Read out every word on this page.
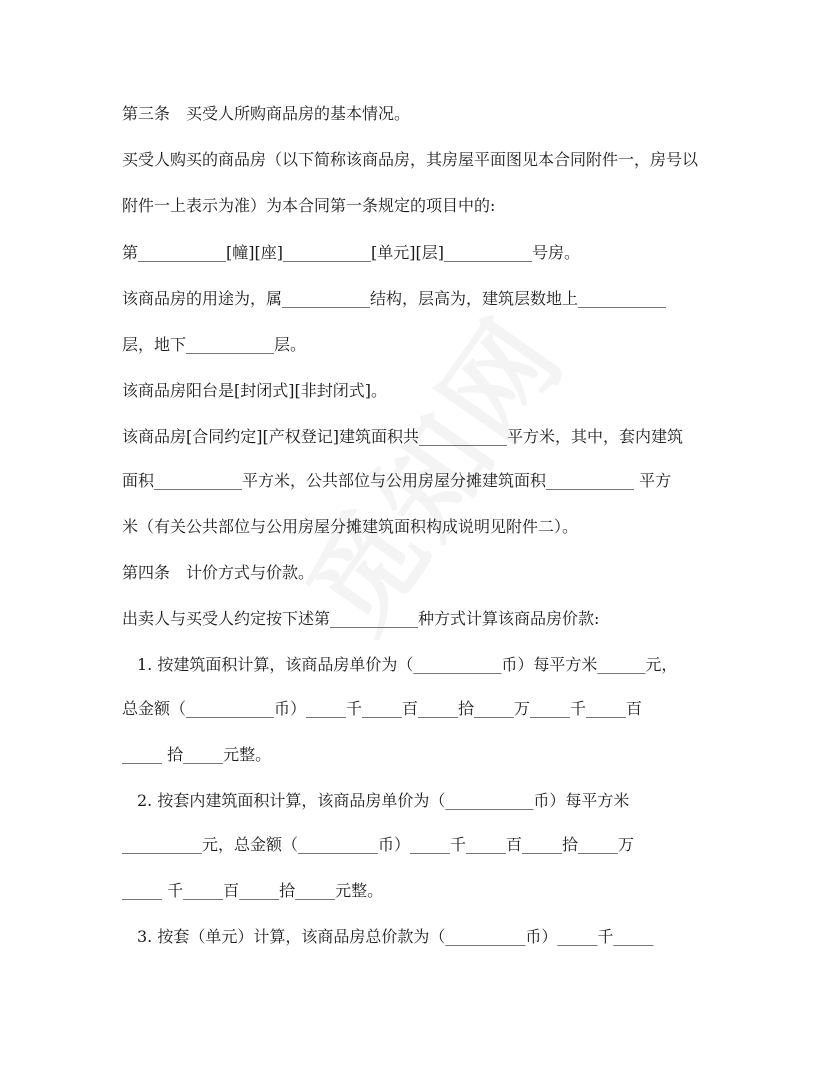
第三条　买受人所购商品房的基本情况。
买受人购买的商品房（以下简称该商品房，其房屋平面图见本合同附件一，房号以
附件一上表示为准）为本合同第一条规定的项目中的:
第___________[幢][座]___________[单元][层]___________号房。
该商品房的用途为，属___________结构，层高为，建筑层数地上___________
层，地下___________层。
该商品房阳台是[封闭式][非封闭式]。
该商品房[合同约定][产权登记]建筑面积共___________平方米，其中，套内建筑
面积___________平方米，公共部位与公用房屋分摊建筑面积___________ 平方
米（有关公共部位与公用房屋分摊建筑面积构成说明见附件二）。
第四条　计价方式与价款。
出卖人与买受人约定按下述第___________种方式计算该商品房价款:
1. 按建筑面积计算，该商品房单价为（___________币）每平方米______元，
总金额（___________币）_____千_____百_____拾_____万_____千_____百
_____ 拾_____元整。
2. 按套内建筑面积计算，该商品房单价为（___________币）每平方米
__________元，总金额（__________币）_____千_____百_____拾_____万
_____ 千_____百_____拾_____元整。
3. 按套（单元）计算，该商品房总价款为（__________币）_____千_____
